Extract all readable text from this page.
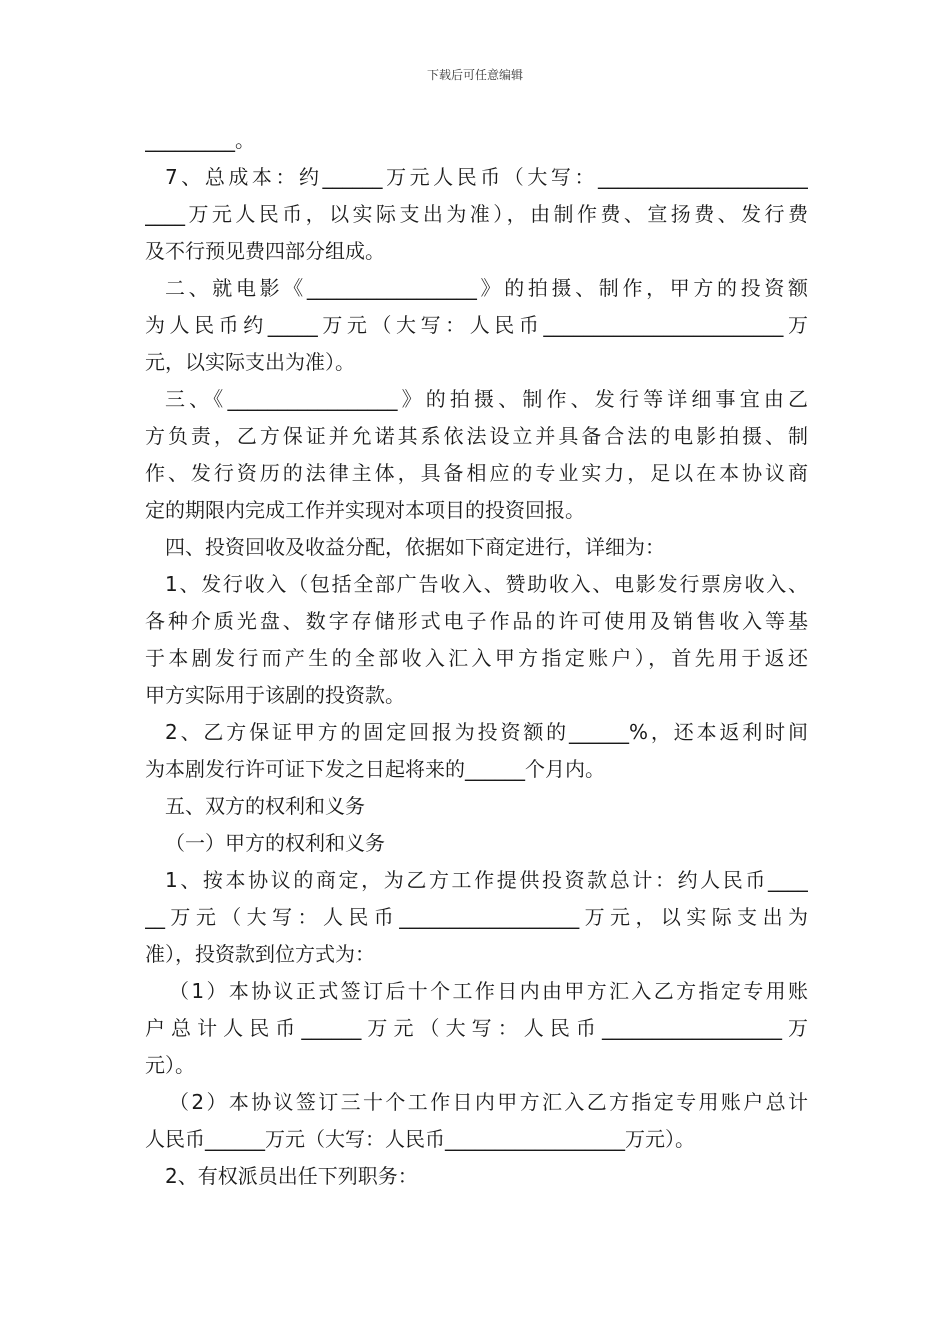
下载后可任意编辑
_________。
7、总成本：约______万元人民币（大写：_____________________
____万元人民币，以实际支出为准），由制作费、宣扬费、发行费
及不行预见费四部分组成。
二、就电影《_________________》的拍摄、制作，甲方的投资额
为人民币约_____万元（大写：人民币________________________万
元，以实际支出为准）。
三、《_________________》的拍摄、制作、发行等详细事宜由乙
方负责，乙方保证并允诺其系依法设立并具备合法的电影拍摄、制
作、发行资历的法律主体，具备相应的专业实力，足以在本协议商
定的期限内完成工作并实现对本项目的投资回报。
四、投资回收及收益分配，依据如下商定进行，详细为：
1、发行收入（包括全部广告收入、赞助收入、电影发行票房收入、
各种介质光盘、数字存储形式电子作品的许可使用及销售收入等基
于本剧发行而产生的全部收入汇入甲方指定账户），首先用于返还
甲方实际用于该剧的投资款。
2、乙方保证甲方的固定回报为投资额的______%，还本返利时间
为本剧发行许可证下发之日起将来的______个月内。
五、双方的权利和义务
（一）甲方的权利和义务
1、按本协议的商定，为乙方工作提供投资款总计：约人民币____
__万元（大写：人民币__________________万元，以实际支出为
准），投资款到位方式为：
（1）本协议正式签订后十个工作日内由甲方汇入乙方指定专用账
户总计人民币______万元（大写：人民币__________________万
元）。
（2）本协议签订三十个工作日内甲方汇入乙方指定专用账户总计
人民币______万元（大写：人民币__________________万元）。
2、有权派员出任下列职务：
